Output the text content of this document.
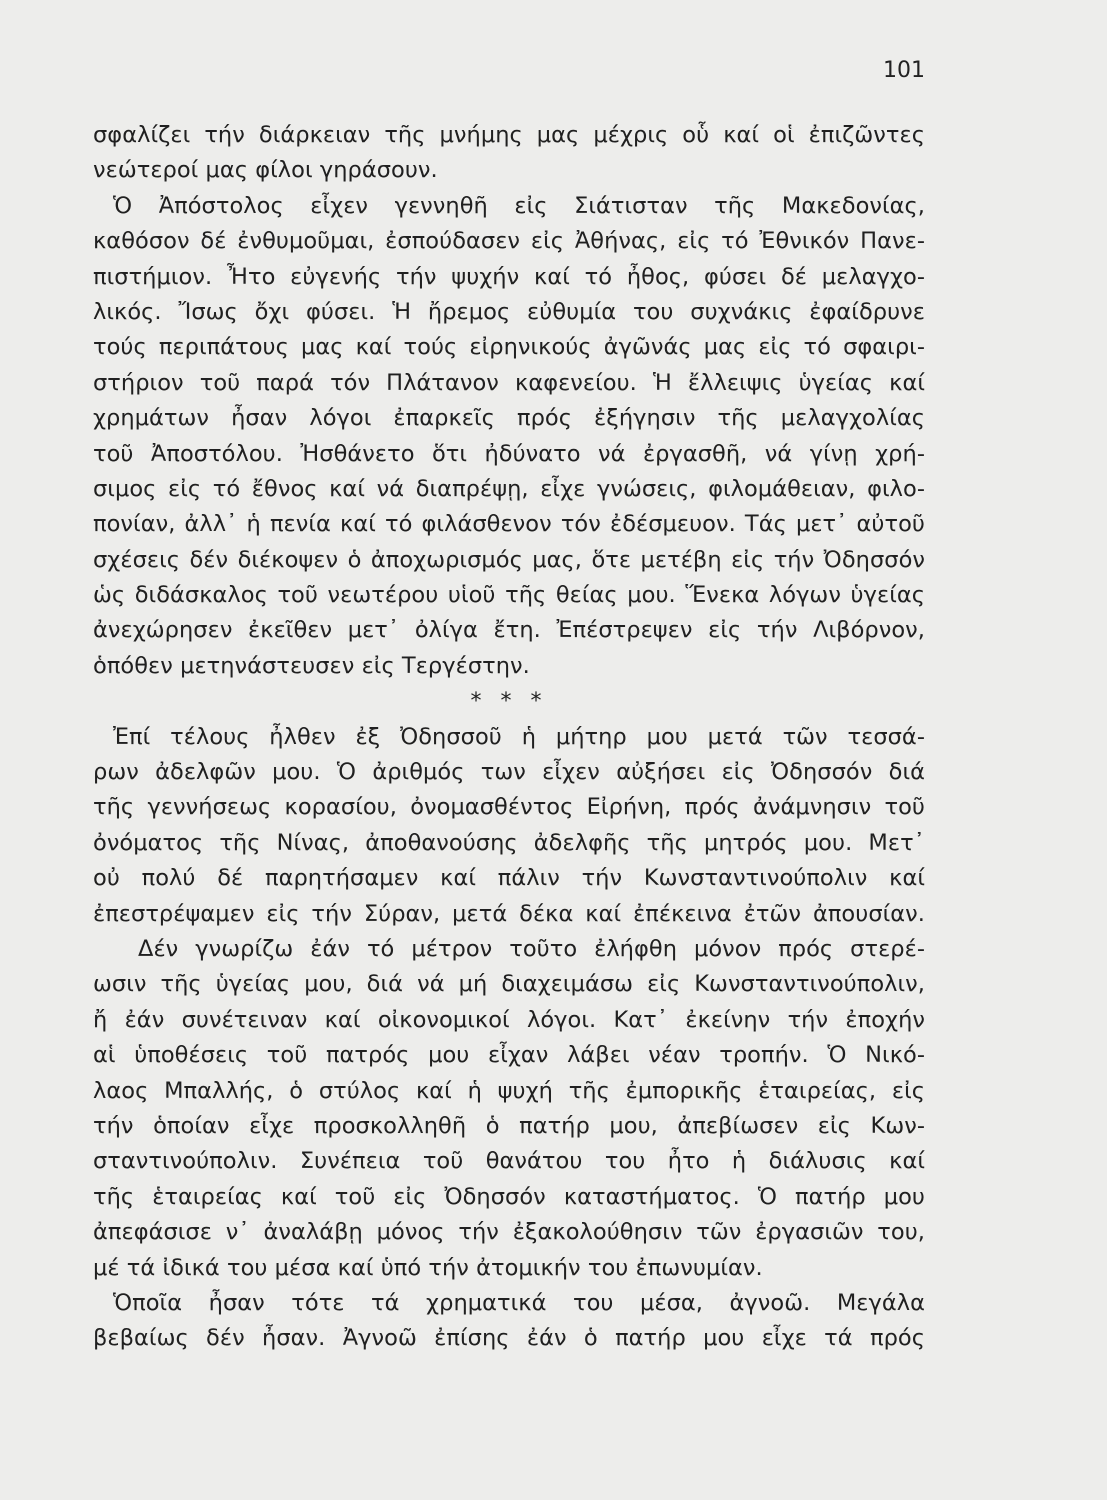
101
σφαλίζει τήν διάρκειαν τῆς μνήμης μας μέχρις οὗ καί οἱ ἐπιζῶντες
νεώτεροί μας φίλοι γηράσουν.
Ὁ Ἀπόστολος εἶχεν γεννηθῆ εἰς Σιάτισταν τῆς Μακεδονίας,
καθόσον δέ ἐνθυμοῦμαι, ἐσπούδασεν εἰς Ἀθήνας, εἰς τό Ἐθνικόν Πανε-
πιστήμιον. Ἦτο εὐγενής τήν ψυχήν καί τό ἦθος, φύσει δέ μελαγχο-
λικός. Ἴσως ὄχι φύσει. Ἡ ἤρεμος εὐθυμία του συχνάκις ἐφαίδρυνε
τούς περιπάτους μας καί τούς εἰρηνικούς ἀγῶνάς μας εἰς τό σφαιρι-
στήριον τοῦ παρά τόν Πλάτανον καφενείου. Ἡ ἔλλειψις ὑγείας καί
χρημάτων ἦσαν λόγοι ἐπαρκεῖς πρός ἐξήγησιν τῆς μελαγχολίας
τοῦ Ἀποστόλου. Ἠσθάνετο ὅτι ἠδύνατο νά ἐργασθῆ, νά γίνῃ χρή-
σιμος εἰς τό ἔθνος καί νά διαπρέψῃ, εἶχε γνώσεις, φιλομάθειαν, φιλο-
πονίαν, ἀλλ᾽ ἡ πενία καί τό φιλάσθενον τόν ἐδέσμευον. Τάς μετ᾽ αὐτοῦ
σχέσεις δέν διέκοψεν ὁ ἀποχωρισμός μας, ὅτε μετέβη εἰς τήν Ὀδησσόν
ὡς διδάσκαλος τοῦ νεωτέρου υἱοῦ τῆς θείας μου. Ἕνεκα λόγων ὑγείας
ἀνεχώρησεν ἐκεῖθεν μετ᾽ ὀλίγα ἔτη. Ἐπέστρεψεν εἰς τήν Λιβόρνον,
ὁπόθεν μετηνάστευσεν εἰς Τεργέστην.
* * *
Ἐπί τέλους ἦλθεν ἐξ Ὀδησσοῦ ἡ μήτηρ μου μετά τῶν τεσσά-
ρων ἀδελφῶν μου. Ὁ ἀριθμός των εἶχεν αὐξήσει εἰς Ὀδησσόν διά
τῆς γεννήσεως κορασίου, ὀνομασθέντος Εἰρήνη, πρός ἀνάμνησιν τοῦ
ὀνόματος τῆς Νίνας, ἀποθανούσης ἀδελφῆς τῆς μητρός μου. Μετ᾽
οὐ πολύ δέ παρητήσαμεν καί πάλιν τήν Κωνσταντινούπολιν καί
ἐπεστρέψαμεν εἰς τήν Σύραν, μετά δέκα καί ἐπέκεινα ἐτῶν ἀπουσίαν.
Δέν γνωρίζω ἐάν τό μέτρον τοῦτο ἐλήφθη μόνον πρός στερέ-
ωσιν τῆς ὑγείας μου, διά νά μή διαχειμάσω εἰς Κωνσταντινούπολιν,
ἤ ἐάν συνέτειναν καί οἰκονομικοί λόγοι. Κατ᾽ ἐκείνην τήν ἐποχήν
αἱ ὑποθέσεις τοῦ πατρός μου εἶχαν λάβει νέαν τροπήν. Ὁ Νικό-
λαος Μπαλλής, ὁ στύλος καί ἡ ψυχή τῆς ἐμπορικῆς ἑταιρείας, εἰς
τήν ὁποίαν εἶχε προσκολληθῆ ὁ πατήρ μου, ἀπεβίωσεν εἰς Κων-
σταντινούπολιν. Συνέπεια τοῦ θανάτου του ἦτο ἡ διάλυσις καί
τῆς ἑταιρείας καί τοῦ εἰς Ὀδησσόν καταστήματος. Ὁ πατήρ μου
ἀπεφάσισε ν᾽ ἀναλάβῃ μόνος τήν ἐξακολούθησιν τῶν ἐργασιῶν του,
μέ τά ἰδικά του μέσα καί ὑπό τήν ἀτομικήν του ἐπωνυμίαν.
Ὁποῖα ἦσαν τότε τά χρηματικά του μέσα, ἀγνοῶ. Μεγάλα
βεβαίως δέν ἦσαν. Ἀγνοῶ ἐπίσης ἐάν ὁ πατήρ μου εἶχε τά πρός
